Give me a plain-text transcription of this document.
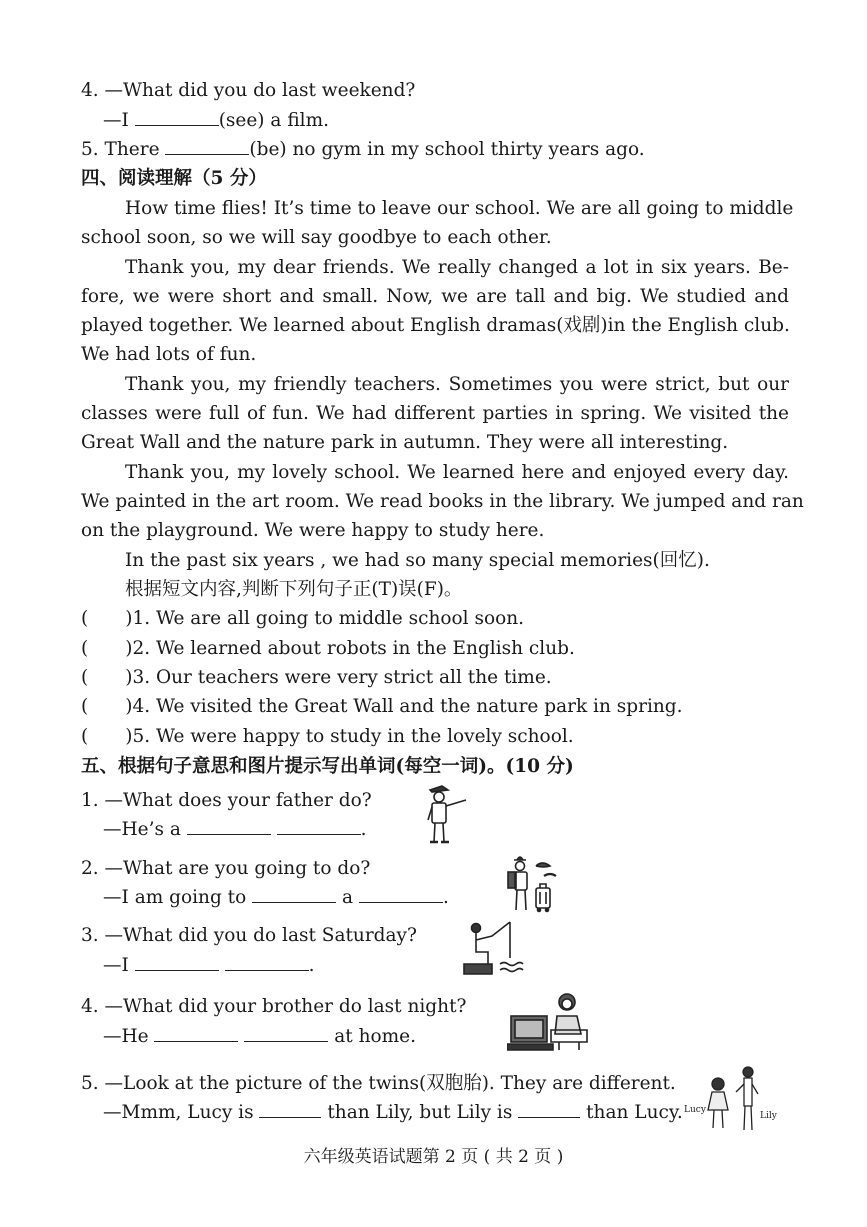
4. —What did you do last weekend?
—I	(see) a film.
5. There	(be) no gym in my school thirty years ago.
四、阅读理解（5 分）
How time flies! It’s time to leave our school. We are all going to middle
school soon, so we will say goodbye to each other.
Thank you, my dear friends. We really changed a lot in six years. Be-
fore, we were short and small. Now, we are tall and big. We studied and
played together. We learned about English dramas(戏剧)in the English club.
We had lots of fun.
Thank you, my friendly teachers. Sometimes you were strict, but our
classes were full of fun. We had different parties in spring. We visited the
Great Wall and the nature park in autumn. They were all interesting.
Thank you, my lovely school. We learned here and enjoyed every day.
We painted in the art room. We read books in the library. We jumped and ran
on the playground. We were happy to study here.
In the past six years , we had so many special memories(回忆).
根据短文内容,判断下列句子正(T)误(F)。
(　　)1. We are all going to middle school soon.
(　　)2. We learned about robots in the English club.
(　　)3. Our teachers were very strict all the time.
(　　)4. We visited the Great Wall and the nature park in spring.
(　　)5. We were happy to study in the lovely school.
五、根据句子意思和图片提示写出单词(每空一词)。(10 分)
1. —What does your father do?
—He’s a	.
2. —What are you going to do?
—I am going to	a	.
3. —What did you do last Saturday?
—I	.
4. —What did your brother do last night?
—He	at home.
5. —Look at the picture of the twins(双胞胎). They are different.
—Mmm, Lucy is	than Lily, but Lily is	than Lucy. Lucy
Lily
六年级英语试题第 2 页 ( 共 2 页 )
